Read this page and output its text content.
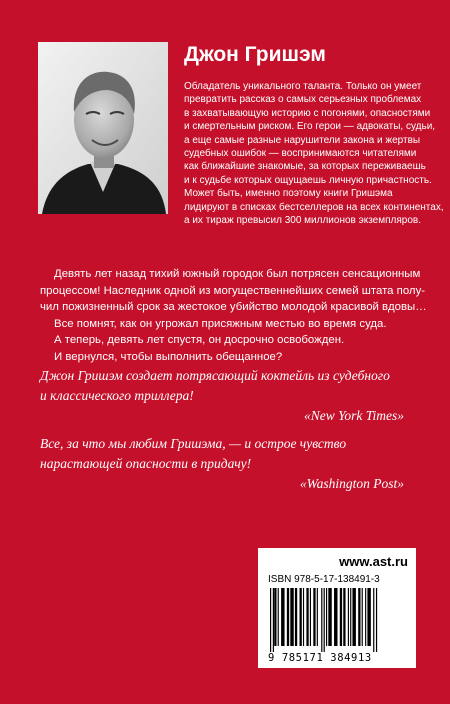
Джон Гришэм
Обладатель уникального таланта. Только он умеет
превратить рассказ о самых серьезных проблемах
в захватывающую историю с погонями, опасностями
и смертельным риском. Его герои — адвокаты, судьи,
а еще самые разные нарушители закона и жертвы
судебных ошибок — воспринимаются читателями
как ближайшие знакомые, за которых переживаешь
и к судьбе которых ощущаешь личную причастность.
Может быть, именно поэтому книги Гришэма
лидируют в списках бестселлеров на всех континентах,
а их тираж превысил 300 миллионов экземпляров.
Девять лет назад тихий южный городок был потрясен сенсационным
процессом! Наследник одной из могущественнейших семей штата полу-
чил пожизненный срок за жестокое убийство молодой красивой вдовы…
Все помнят, как он угрожал присяжным местью во время суда.
А теперь, девять лет спустя, он досрочно освобожден.
И вернулся, чтобы выполнить обещанное?
Джон Гришэм создает потрясающий коктейль из судебного
и классического триллера!
«New York Times»
Все, за что мы любим Гришэма, — и острое чувство
нарастающей опасности в придачу!
«Washington Post»
www.ast.ru
ISBN 978-5-17-138491-3
9 785171 384913
